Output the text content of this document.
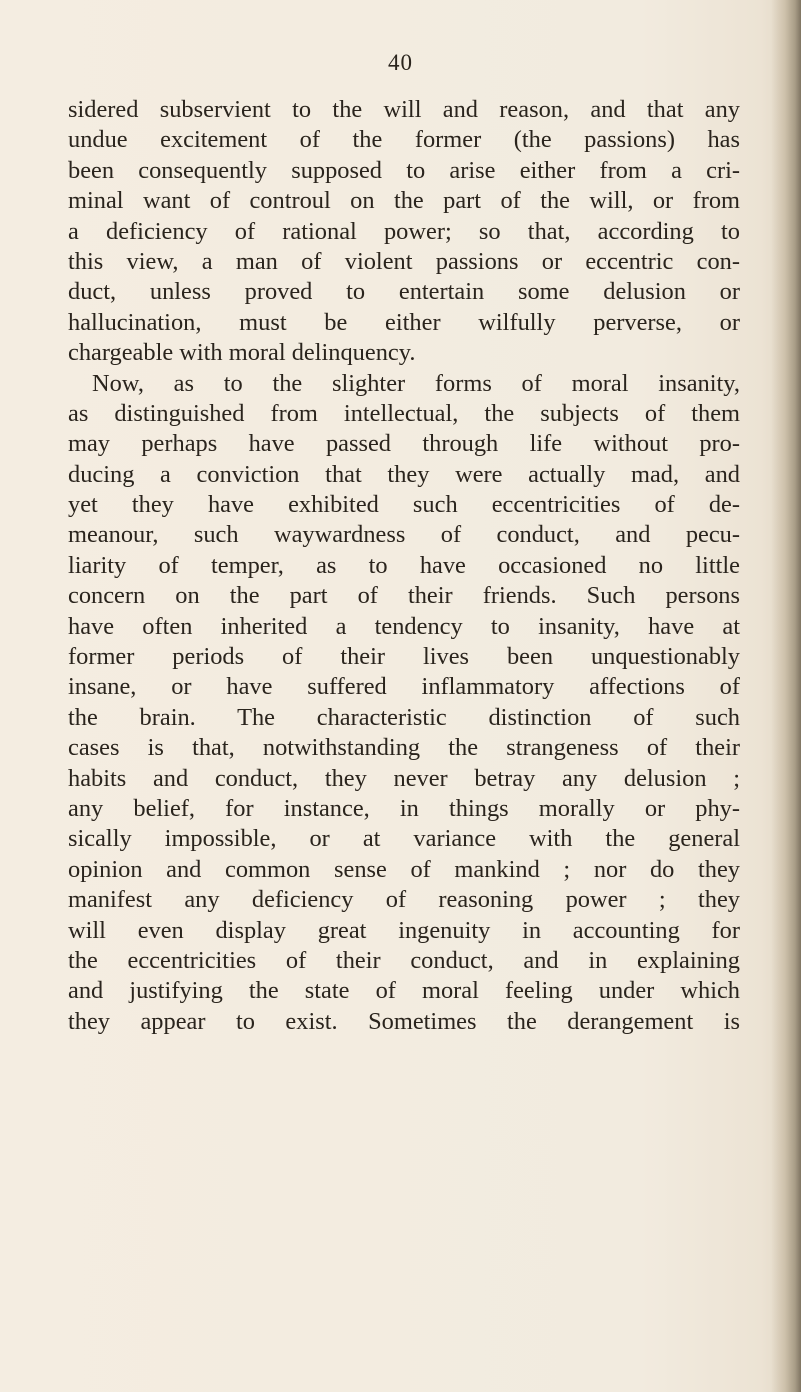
40
sidered subservient to the will and reason, and that any
undue excitement of the former (the passions) has
been consequently supposed to arise either from a cri-
minal want of controul on the part of the will, or from
a deficiency of rational power; so that, according to
this view, a man of violent passions or eccentric con-
duct, unless proved to entertain some delusion or
hallucination, must be either wilfully perverse, or
chargeable with moral delinquency.
Now, as to the slighter forms of moral insanity,
as distinguished from intellectual, the subjects of them
may perhaps have passed through life without pro-
ducing a conviction that they were actually mad, and
yet they have exhibited such eccentricities of de-
meanour, such waywardness of conduct, and pecu-
liarity of temper, as to have occasioned no little
concern on the part of their friends. Such persons
have often inherited a tendency to insanity, have at
former periods of their lives been unquestionably
insane, or have suffered inflammatory affections of
the brain. The characteristic distinction of such
cases is that, notwithstanding the strangeness of their
habits and conduct, they never betray any delusion ;
any belief, for instance, in things morally or phy-
sically impossible, or at variance with the general
opinion and common sense of mankind ; nor do they
manifest any deficiency of reasoning power ; they
will even display great ingenuity in accounting for
the eccentricities of their conduct, and in explaining
and justifying the state of moral feeling under which
they appear to exist. Sometimes the derangement is
